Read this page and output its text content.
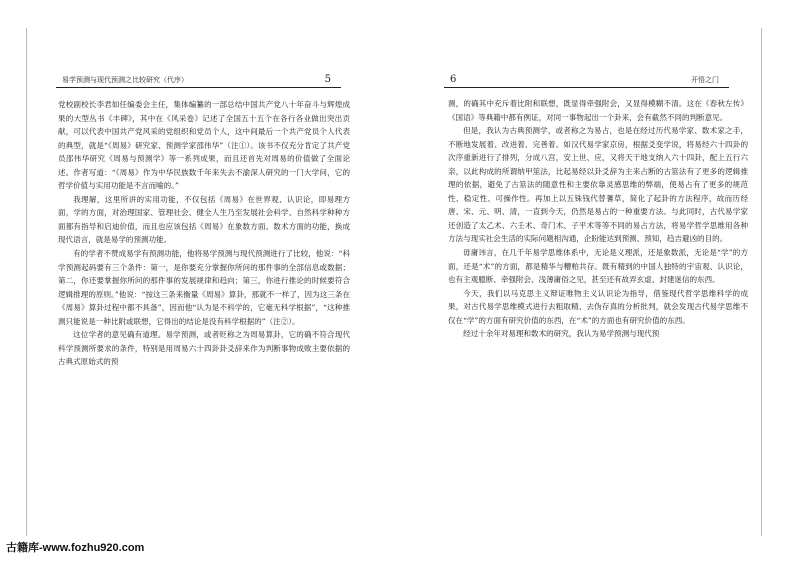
易学预测与现代预测之比较研究（代序）	5

党校副校长李君如任编委会主任，集体编纂的一部总结中国共产党八十年奋斗与辉煌成果的大型丛书《丰碑》，其中在《风采卷》记述了全国五十五个在各行各业做出突出贡献，可以代表中国共产党风采的党组织和党员个人，这中间最后一个共产党员个人代表的典型，就是“《周易》研究家、预测学家邵伟华”（注①）。该书不仅充分肯定了共产党员邵伟华研究《周易与预测学》等一系列成果，而且还首先对周易的价值做了全面论述。作者写道：“《周易》作为中华民族数千年来失去不渝深人研究的一门大学问，它的哲学价值与实用功能是不言而喻的。”

我理解，这里所讲的实用功能，不仅包括《周易》在世界观、认识论，即易理方面，学的方面，对治理国家、管理社会、健全人生乃至发展社会科学、自然科学种种方面都有指导和启迪价值，而且也应该包括《周易》在象数方面、数术方面的功能，换成现代语言，就是易学的预测功能。

有的学者不赞成易学有预测功能，他将易学预测与现代预测进行了比较，他说：“科学预测起码要有三个条件：第一，是你要充分掌握你所问的那件事的全部信息或数据；第二，你还要掌握你所问的那件事的发展规律和趋向；第三，你进行推论的时候要符合逻辑推理的原则。”他说：“按这三条来衡量《周易》算卦，那就不一样了，因为这三条在《周易》算卦过程中都不具备”，因而他“认为是不科学的，它毫无科学根据”，“这种推测只能说是一种比附或联想，它得出的结论是没有科学根据的”（注②）。

这位学者的意见确有道理。易学预测，或者贬称之为周易算卦，它的确不符合现代科学预测所要求的条件，特别是用周易六十四卦卦爻辞来作为判断事物成败主要依据的古典式原始式的预

6	开悟之门

测，的确其中充斥着比附和联想，既显得牵强附会，又显得模糊不清。这在《春秋左传》《国语》等典籍中都有例证，对同一事物起出一个卦来，会有截然不同的判断意见。

但是，我认为古典预测学，或者称之为易占，也是在经过历代易学家、数术家之手，不断地发展着、改进着、完善着。如汉代易学家京房，根据爻变学说，将易经六十四卦的次序重新进行了排列，分成八宫，安上世、应，又将天干地支纳入六十四卦，配上五行六亲，以此构成的所谓纳甲筮法，比起易经以卦爻辞为主来占断的古筮法有了更多的逻辑推理的依据，避免了古筮法的随意性和主要依靠灵感思维的弊端，使易占有了更多的规范性、稳定性、可操作性。再加上以五铢钱代替蓍草，简化了起卦的方法程序，故而历经唐、宋、元、明、清，一直到今天，仍然是易占的一种重要方法。与此同时，古代易学家还创造了太乙术、六壬术、奇门术、子平术等等不同的易占方法，将易学哲学思维用各种方法与现实社会生活的实际问题相沟通，企盼能达到预测、预知，趋吉避凶的目的。

毋庸讳言，在几千年易学思维体系中，无论是义理派，还是象数派，无论是“学”的方面，还是“术”的方面，都是精华与糟粕共存。既有精到的中国人独特的宇宙观、认识论，也有主观臆断、牵强附会、浅薄庸俗之见，甚至还有故弄玄虚、封建迷信的东西。

今天，我们以马克思主义辩证唯物主义认识论为指导，借鉴现代哲学思维科学的成果，对古代易学思维模式进行去粗取精、去伪存真的分析批判，就会发现古代易学思维不仅在“学”的方面有研究价值的东西，在“术”的方面也有研究价值的东西。

经过十余年对易理和数术的研究，我认为易学预测与现代预

古籍库-www.fozhu920.com
